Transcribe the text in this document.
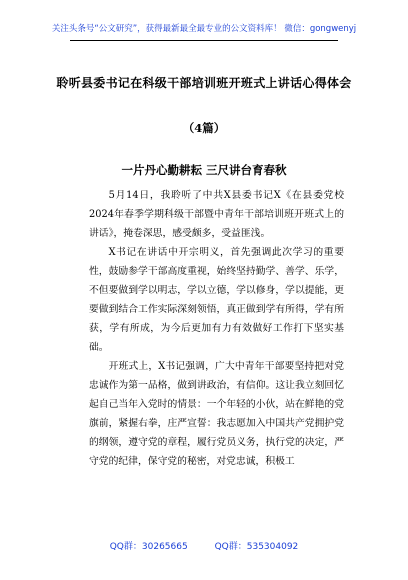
关注头条号“公文研究”，获得最新最全最专业的公文资料库！ 微信：gongwenyj
聆听县委书记在科级干部培训班开班式上讲话心得体会
（4篇）
一片丹心勤耕耘 三尺讲台育春秋

5月14日，我聆听了中共X县委书记X《在县委党校2024年春季学期科级干部暨中青年干部培训班开班式上的讲话》，掩卷深思，感受颇多，受益匪浅。

X书记在讲话中开宗明义，首先强调此次学习的重要性，鼓励参学干部高度重视，始终坚持勤学、善学、乐学，不但要做到学以明志，学以立德，学以修身，学以提能，更要做到结合工作实际深刻领悟，真正做到学有所得，学有所获，学有所成，为今后更加有力有效做好工作打下坚实基础。

开班式上，X书记强调，广大中青年干部要坚持把对党忠诚作为第一品格，做到讲政治，有信仰。这让我立刻回忆起自己当年入党时的情景：一个年轻的小伙，站在鲜艳的党旗前，紧握右拳，庄严宣誓：我志愿加入中国共产党拥护党的纲领，遵守党的章程，履行党员义务，执行党的决定，严守党的纪律，保守党的秘密，对党忠诚，积极工

QQ群：30265665	QQ群：535304092
